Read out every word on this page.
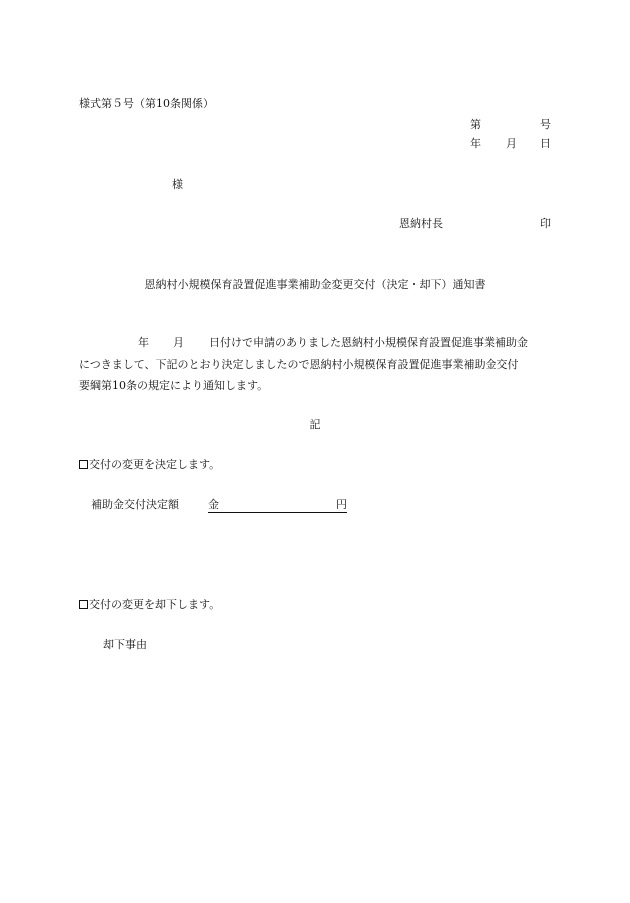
様式第５号（第10条関係）
第	号
年 月 日
様
恩納村長	印
恩納村小規模保育設置促進事業補助金変更交付（決定・却下）通知書
年 月 日付けで申請のありました恩納村小規模保育設置促進事業補助金
につきまして、下記のとおり決定しましたので恩納村小規模保育設置促進事業補助金交付
要綱第10条の規定により通知します。
記
交付の変更を決定します。
補助金交付決定額	金	円
交付の変更を却下します。
却下事由
